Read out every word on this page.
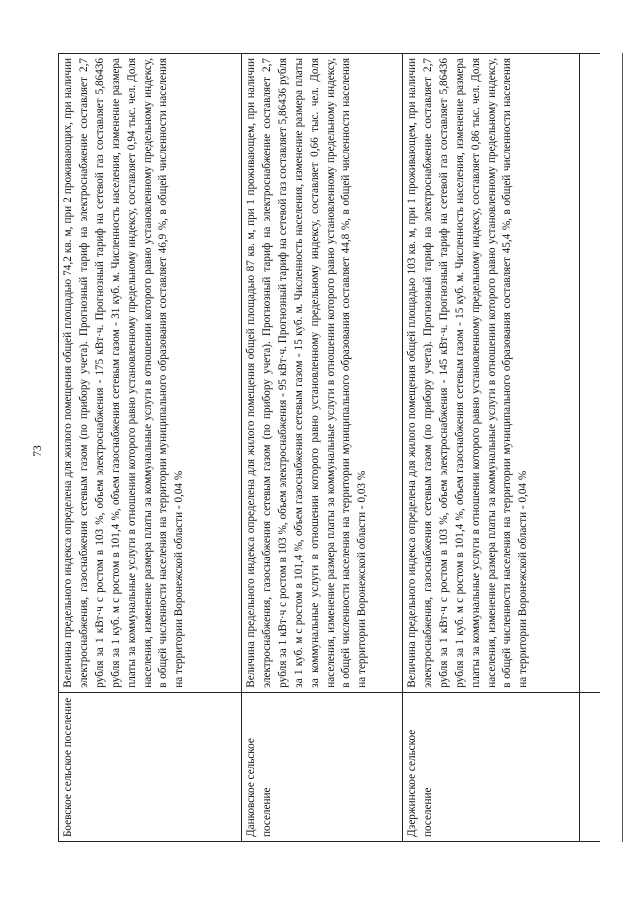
73
Боевское сельское поселение	Величина предельного индекса определена для жилого помещения общей площадью 74,2 кв. м, при 2 проживающих, при наличии электроснабжения, газоснабжения сетевым газом (по прибору учета). Прогнозный тариф на электроснабжение составляет 2,7 рубля за 1 кВт·ч с ростом в 103 %, объем электроснабжения - 175 кВт·ч. Прогнозный тариф на сетевой газ составляет 5,86436 рубля за 1 куб. м с ростом в 101,4 %, объем газоснабжения сетевым газом - 31 куб. м. Численность населения, изменение размера платы за коммунальные услуги в отношении которого равно установленному предельному индексу, составляет 0,94 тыс. чел. Доля населения, изменение размера платы за коммунальные услуги в отношении которого равно установленному предельному индексу, в общей численности населения на территории муниципального образования составляет 46,9 %, в общей численности населения на территории Воронежской области - 0,04 %
Данковское сельское поселение	Величина предельного индекса определена для жилого помещения общей площадью 87 кв. м, при 1 проживающем, при наличии электроснабжения, газоснабжения сетевым газом (по прибору учета). Прогнозный тариф на электроснабжение составляет 2,7 рубля за 1 кВт·ч с ростом в 103 %, объем электроснабжения - 95 кВт·ч. Прогнозный тариф на сетевой газ составляет 5,86436 рубля за 1 куб. м с ростом в 101,4 %, объем газоснабжения сетевым газом - 15 куб. м. Численность населения, изменение размера платы за коммунальные услуги в отношении которого равно установленному предельному индексу, составляет 0,66 тыс. чел. Доля населения, изменение размера платы за коммунальные услуги в отношении которого равно установленному предельному индексу, в общей численности населения на территории муниципального образования составляет 44,8 %, в общей численности населения на территории Воронежской области - 0,03 %
Дзержинское сельское поселение	Величина предельного индекса определена для жилого помещения общей площадью 103 кв. м, при 1 проживающем, при наличии электроснабжения, газоснабжения сетевым газом (по прибору учета). Прогнозный тариф на электроснабжение составляет 2,7 рубля за 1 кВт·ч с ростом в 103 %, объем электроснабжения - 145 кВт·ч. Прогнозный тариф на сетевой газ составляет 5,86436 рубля за 1 куб. м с ростом в 101,4 %, объем газоснабжения сетевым газом - 15 куб. м. Численность населения, изменение размера платы за коммунальные услуги в отношении которого равно установленному предельному индексу, составляет 0,86 тыс. чел. Доля населения, изменение размера платы за коммунальные услуги в отношении которого равно установленному предельному индексу, в общей численности населения на территории муниципального образования составляет 45,4 %, в общей численности населения на территории Воронежской области - 0,04 %
